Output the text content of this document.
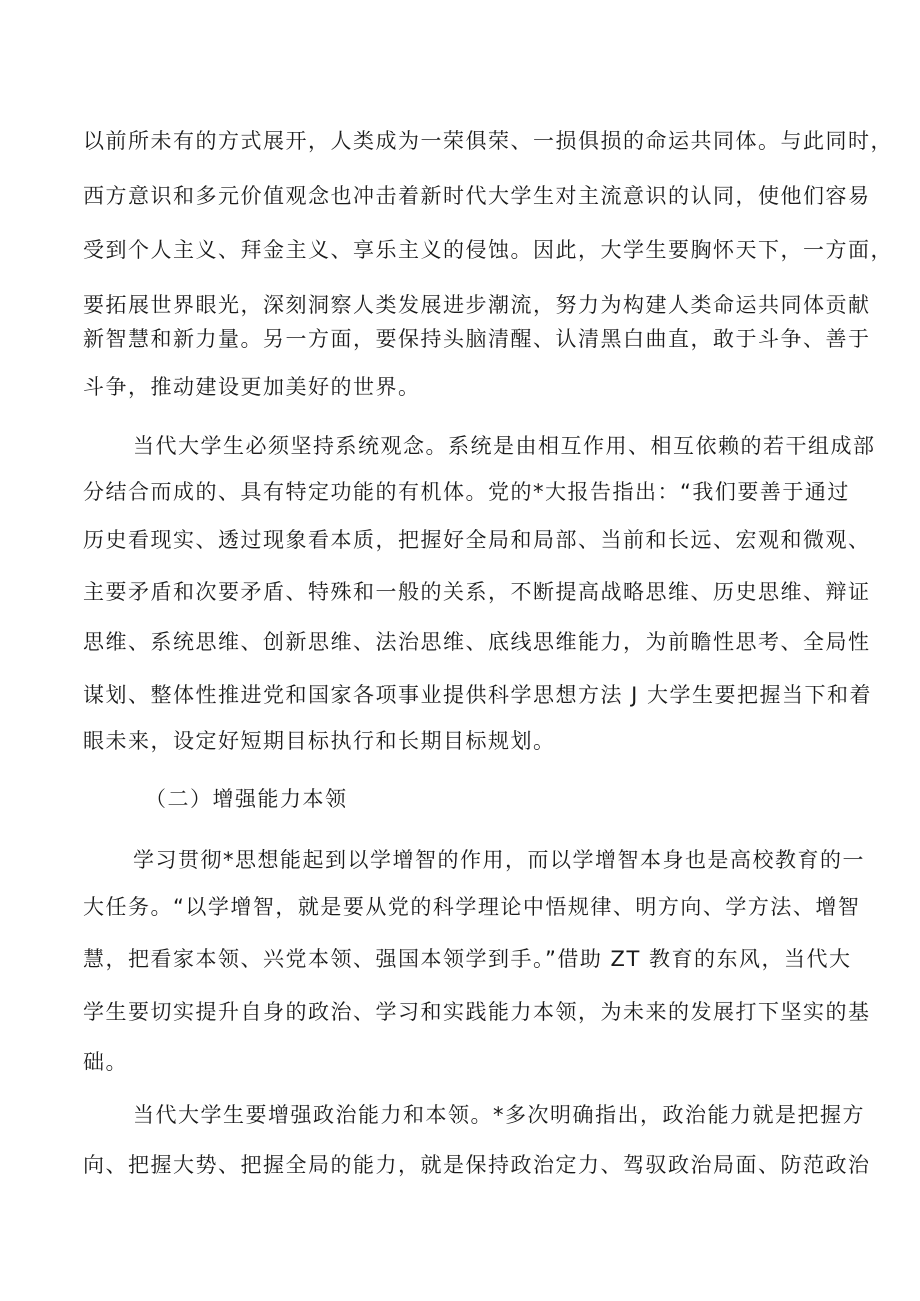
以前所未有的方式展开，人类成为一荣俱荣、一损俱损的命运共同体。与此同时，
西方意识和多元价值观念也冲击着新时代大学生对主流意识的认同，使他们容易
受到个人主义、拜金主义、享乐主义的侵蚀。因此，大学生要胸怀天下，一方面，
要拓展世界眼光，深刻洞察人类发展进步潮流，努力为构建人类命运共同体贡献
新智慧和新力量。另一方面，要保持头脑清醒、认清黑白曲直，敢于斗争、善于
斗争，推动建设更加美好的世界。
当代大学生必须坚持系统观念。系统是由相互作用、相互依赖的若干组成部
分结合而成的、具有特定功能的有机体。党的*大报告指出：“我们要善于通过
历史看现实、透过现象看本质，把握好全局和局部、当前和长远、宏观和微观、
主要矛盾和次要矛盾、特殊和一般的关系，不断提高战略思维、历史思维、辩证
思维、系统思维、创新思维、法治思维、底线思维能力，为前瞻性思考、全局性
谋划、整体性推进党和国家各项事业提供科学思想方法 J 大学生要把握当下和着
眼未来，设定好短期目标执行和长期目标规划。
（二）增强能力本领
学习贯彻*思想能起到以学增智的作用，而以学增智本身也是高校教育的一
大任务。“以学增智，就是要从党的科学理论中悟规律、明方向、学方法、增智
慧，把看家本领、兴党本领、强国本领学到手。”借助 ZT 教育的东风，当代大
学生要切实提升自身的政治、学习和实践能力本领，为未来的发展打下坚实的基
础。
当代大学生要增强政治能力和本领。*多次明确指出，政治能力就是把握方
向、把握大势、把握全局的能力，就是保持政治定力、驾驭政治局面、防范政治
